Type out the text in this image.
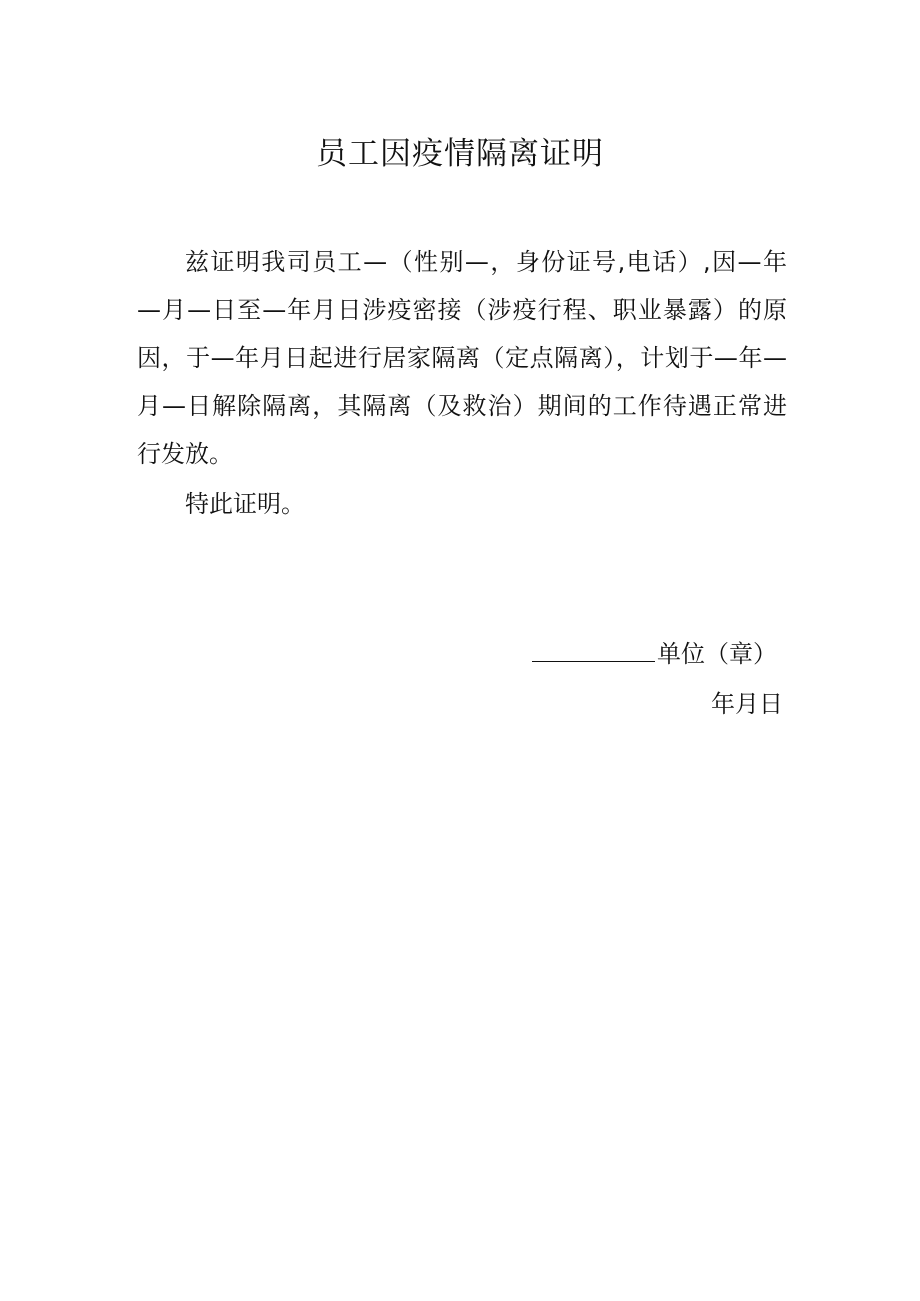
员工因疫情隔离证明
兹证明我司员工—（性别—，身份证号,电话）,因—年
—月—日至—年月日涉疫密接（涉疫行程、职业暴露）的原
因，于—年月日起进行居家隔离（定点隔离），计划于—年—
月—日解除隔离，其隔离（及救治）期间的工作待遇正常进
行发放。
特此证明。
单位（章）
年月日
